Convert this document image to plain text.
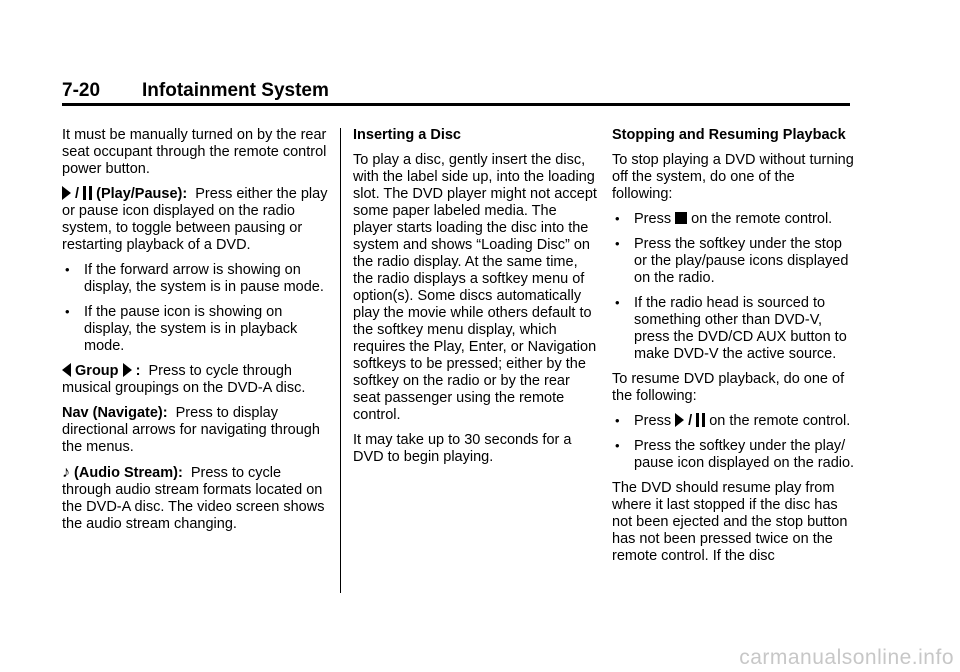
7-20	Infotainment System

It must be manually turned on by the rear seat occupant through the remote control power button.

/ (Play/Pause): Press either the play or pause icon displayed on the radio system, to toggle between pausing or restarting playback of a DVD.

• If the forward arrow is showing on display, the system is in pause mode.
• If the pause icon is showing on display, the system is in playback mode.

Group : Press to cycle through musical groupings on the DVD-A disc.

Nav (Navigate): Press to display directional arrows for navigating through the menus.

♪ (Audio Stream): Press to cycle through audio stream formats located on the DVD-A disc. The video screen shows the audio stream changing.

Inserting a Disc

To play a disc, gently insert the disc, with the label side up, into the loading slot. The DVD player might not accept some paper labeled media. The player starts loading the disc into the system and shows “Loading Disc” on the radio display. At the same time, the radio displays a softkey menu of option(s). Some discs automatically play the movie while others default to the softkey menu display, which requires the Play, Enter, or Navigation softkeys to be pressed; either by the softkey on the radio or by the rear seat passenger using the remote control.

It may take up to 30 seconds for a DVD to begin playing.

Stopping and Resuming Playback

To stop playing a DVD without turning off the system, do one of the following:

• Press on the remote control.
• Press the softkey under the stop or the play/pause icons displayed on the radio.
• If the radio head is sourced to something other than DVD-V, press the DVD/CD AUX button to make DVD-V the active source.

To resume DVD playback, do one of the following:

• Press / on the remote control.
• Press the softkey under the play/ pause icon displayed on the radio.

The DVD should resume play from where it last stopped if the disc has not been ejected and the stop button has not been pressed twice on the remote control. If the disc

carmanualsonline.info
